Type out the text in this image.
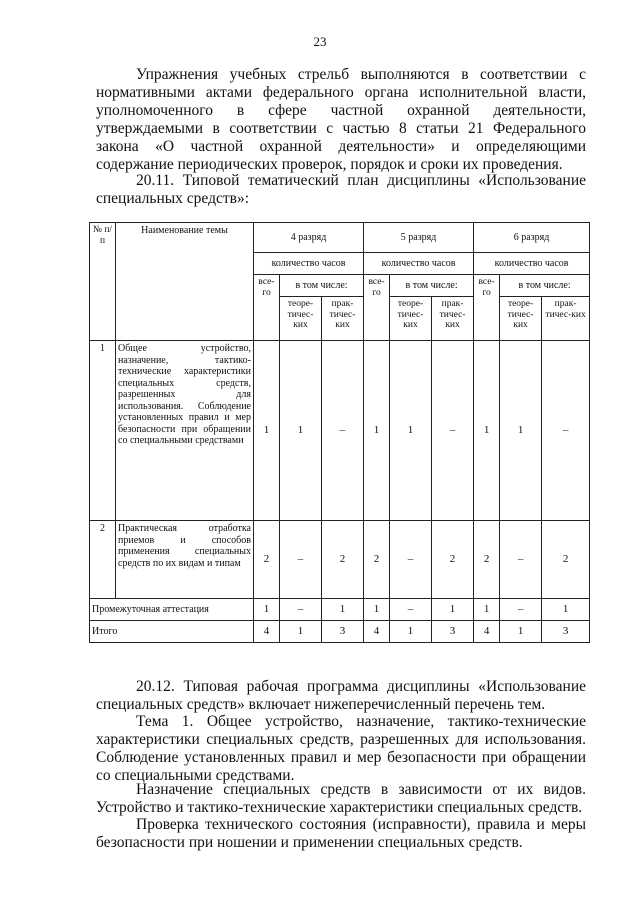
23
Упражнения учебных стрельб выполняются в соответствии с нормативными актами федерального органа исполнительной власти, уполномоченного в сфере частной охранной деятельности, утверждаемыми в соответствии с частью 8 статьи 21 Федерального закона «О частной охранной деятельности» и определяющими содержание периодических проверок, порядок и сроки их проведения.
20.11. Типовой тематический план дисциплины «Использование специальных средств»:
№ п/п	Наименование темы	4 разряд			5 разряд			6 разряд		
		количество часов			количество часов			количество часов		
		все-го	в том числе:		все-го	в том числе:		все-го	в том числе:	
			теоре-тичес-ких	прак-тичес-ких		теоре-тичес-ких	прак-тичес-ких		теоре-тичес-ких	прак-тичес-ких
1	Общее устройство, назначение, тактико-технические характеристики специальных средств, разрешенных для использования. Соблюдение установленных правил и мер безопасности при обращении со специальными средствами	1	1	–	1	1	–	1	1	–
2	Практическая отработка приемов и способов применения специальных средств по их видам и типам	2	–	2	2	–	2	2	–	2
Промежуточная аттестация		1	–	1	1	–	1	1	–	1
Итого		4	1	3	4	1	3	4	1	3
20.12. Типовая рабочая программа дисциплины «Использование специальных средств» включает нижеперечисленный перечень тем.
Тема 1. Общее устройство, назначение, тактико-технические характеристики специальных средств, разрешенных для использования. Соблюдение установленных правил и мер безопасности при обращении со специальными средствами.
Назначение специальных средств в зависимости от их видов. Устройство и тактико-технические характеристики специальных средств.
Проверка технического состояния (исправности), правила и меры безопасности при ношении и применении специальных средств.
